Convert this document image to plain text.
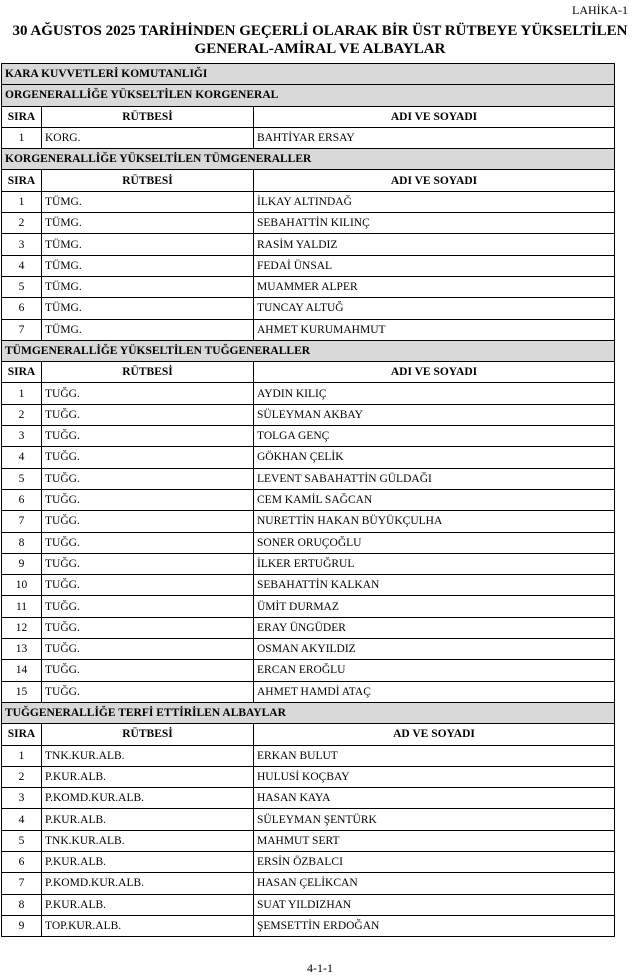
LAHİKA-1
30 AĞUSTOS 2025 TARİHİNDEN GEÇERLİ OLARAK BİR ÜST RÜTBEYE YÜKSELTİLEN
GENERAL-AMİRAL VE ALBAYLAR
KARA KUVVETLERİ KOMUTANLIĞI		
ORGENERALLİĞE YÜKSELTİLEN KORGENERAL		
SIRA	RÜTBESİ	ADI VE SOYADI
1	KORG.	BAHTİYAR ERSAY
KORGENERALLİĞE YÜKSELTİLEN TÜMGENERALLER		
SIRA	RÜTBESİ	ADI VE SOYADI
1	TÜMG.	İLKAY ALTINDAĞ
2	TÜMG.	SEBAHATTİN KILINÇ
3	TÜMG.	RASİM YALDIZ
4	TÜMG.	FEDAİ ÜNSAL
5	TÜMG.	MUAMMER ALPER
6	TÜMG.	TUNCAY ALTUĞ
7	TÜMG.	AHMET KURUMAHMUT
TÜMGENERALLİĞE YÜKSELTİLEN TUĞGENERALLER		
SIRA	RÜTBESİ	ADI VE SOYADI
1	TUĞG.	AYDIN KILIÇ
2	TUĞG.	SÜLEYMAN AKBAY
3	TUĞG.	TOLGA GENÇ
4	TUĞG.	GÖKHAN ÇELİK
5	TUĞG.	LEVENT SABAHATTİN GÜLDAĞI
6	TUĞG.	CEM KAMİL SAĞCAN
7	TUĞG.	NURETTİN HAKAN BÜYÜKÇULHA
8	TUĞG.	SONER ORUÇOĞLU
9	TUĞG.	İLKER ERTUĞRUL
10	TUĞG.	SEBAHATTİN KALKAN
11	TUĞG.	ÜMİT DURMAZ
12	TUĞG.	ERAY ÜNGÜDER
13	TUĞG.	OSMAN AKYILDIZ
14	TUĞG.	ERCAN EROĞLU
15	TUĞG.	AHMET HAMDİ ATAÇ
TUĞGENERALLİĞE TERFİ ETTİRİLEN ALBAYLAR		
SIRA	RÜTBESİ	AD VE SOYADI
1	TNK.KUR.ALB.	ERKAN BULUT
2	P.KUR.ALB.	HULUSİ KOÇBAY
3	P.KOMD.KUR.ALB.	HASAN KAYA
4	P.KUR.ALB.	SÜLEYMAN ŞENTÜRK
5	TNK.KUR.ALB.	MAHMUT SERT
6	P.KUR.ALB.	ERSİN ÖZBALCI
7	P.KOMD.KUR.ALB.	HASAN ÇELİKCAN
8	P.KUR.ALB.	SUAT YILDIZHAN
9	TOP.KUR.ALB.	ŞEMSETTİN ERDOĞAN
4-1-1
